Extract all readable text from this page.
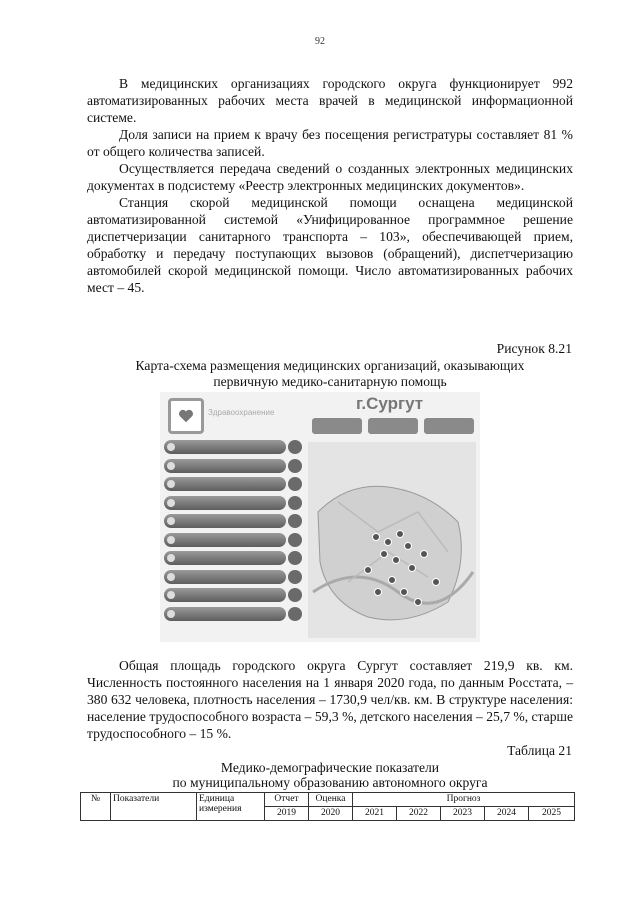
92

В медицинских организациях городского округа функционирует 992 автоматизированных рабочих места врачей в медицинской информационной системе.

Доля записи на прием к врачу без посещения регистратуры составляет 81 % от общего количества записей.

Осуществляется передача сведений о созданных электронных медицинских документах в подсистему «Реестр электронных медицинских документов».

Станция скорой медицинской помощи оснащена медицинской автоматизированной системой «Унифицированное программное решение диспетчеризации санитарного транспорта – 103», обеспечивающей прием, обработку и передачу поступающих вызовов (обращений), диспетчеризацию автомобилей скорой медицинской помощи. Число автоматизированных рабочих мест – 45.

Рисунок 8.21
Карта-схема размещения медицинских организаций, оказывающих
первичную медико-санитарную помощь
Здравоохранение	г.Сургут

Общая площадь городского округа Сургут составляет 219,9 кв. км. Численность постоянного населения на 1 января 2020 года, по данным Росстата, – 380 632 человека, плотность населения – 1730,9 чел/кв. км. В структуре населения: население трудоспособного возраста – 59,3 %, детского населения – 25,7 %, старше трудоспособного – 15 %.

Таблица 21
Медико-демографические показатели
по муниципальному образованию автономного округа
№	Показатели	Единица измерения	Отчет	Оценка	Прогноз				
			2019	2020	2021	2022	2023	2024	2025
